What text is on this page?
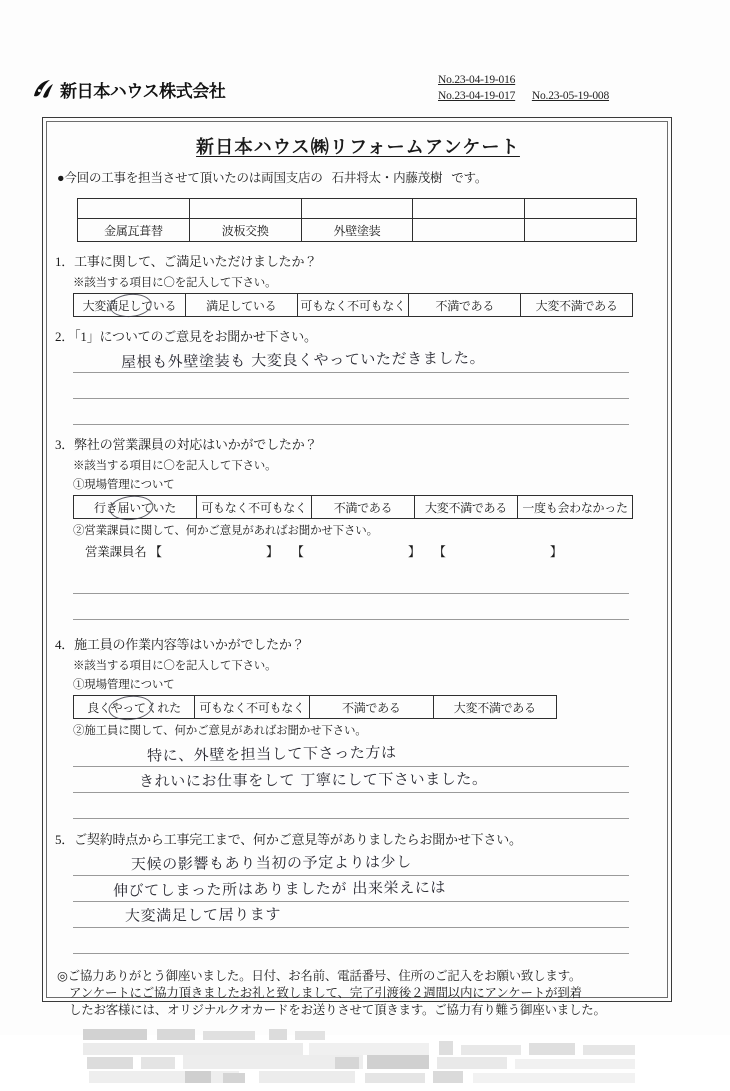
新日本ハウス株式会社
No.23-04-19-016
No.23-04-19-017 No.23-05-19-008
新日本ハウス㈱リフォームアンケート
●今回の工事を担当させて頂いたのは両国支店の 石井将太・内藤茂樹 です。

金属瓦葺替	波板交換	外壁塗装		
1．工事に関して、ご満足いただけましたか？
※該当する項目に〇を記入して下さい。
大変満足している	満足している	可もなく不可もなく	不満である	大変不満である
2．「1」についてのご意見をお聞かせ下さい。
屋根も外壁塗装も 大変良くやっていただきました。
3．弊社の営業課員の対応はいかがでしたか？
※該当する項目に〇を記入して下さい。
①現場管理について
行き届いていた	可もなく不可もなく	不満である	大変不満である	一度も会わなかった
②営業課員に関して、何かご意見があればお聞かせ下さい。
営業課員名 【	】 【	】 【	】
4．施工員の作業内容等はいかがでしたか？
※該当する項目に〇を記入して下さい。
①現場管理について
良くやってくれた	可もなく不可もなく	不満である	大変不満である
②施工員に関して、何かご意見があればお聞かせ下さい。
特に、外壁を担当して下さった方は
きれいにお仕事をして 丁寧にして下さいました。
5．ご契約時点から工事完工まで、何かご意見等がありましたらお聞かせ下さい。
天候の影響もあり当初の予定よりは少し
伸びてしまった所はありましたが 出来栄えには
大変満足して居ります
◎ご協力ありがとう御座いました。日付、お名前、電話番号、住所のご記入をお願い致します。
アンケートにご協力頂きましたお礼と致しまして、完了引渡後２週間以内にアンケートが到着
したお客様には、オリジナルクオカードをお送りさせて頂きます。ご協力有り難う御座いました。
